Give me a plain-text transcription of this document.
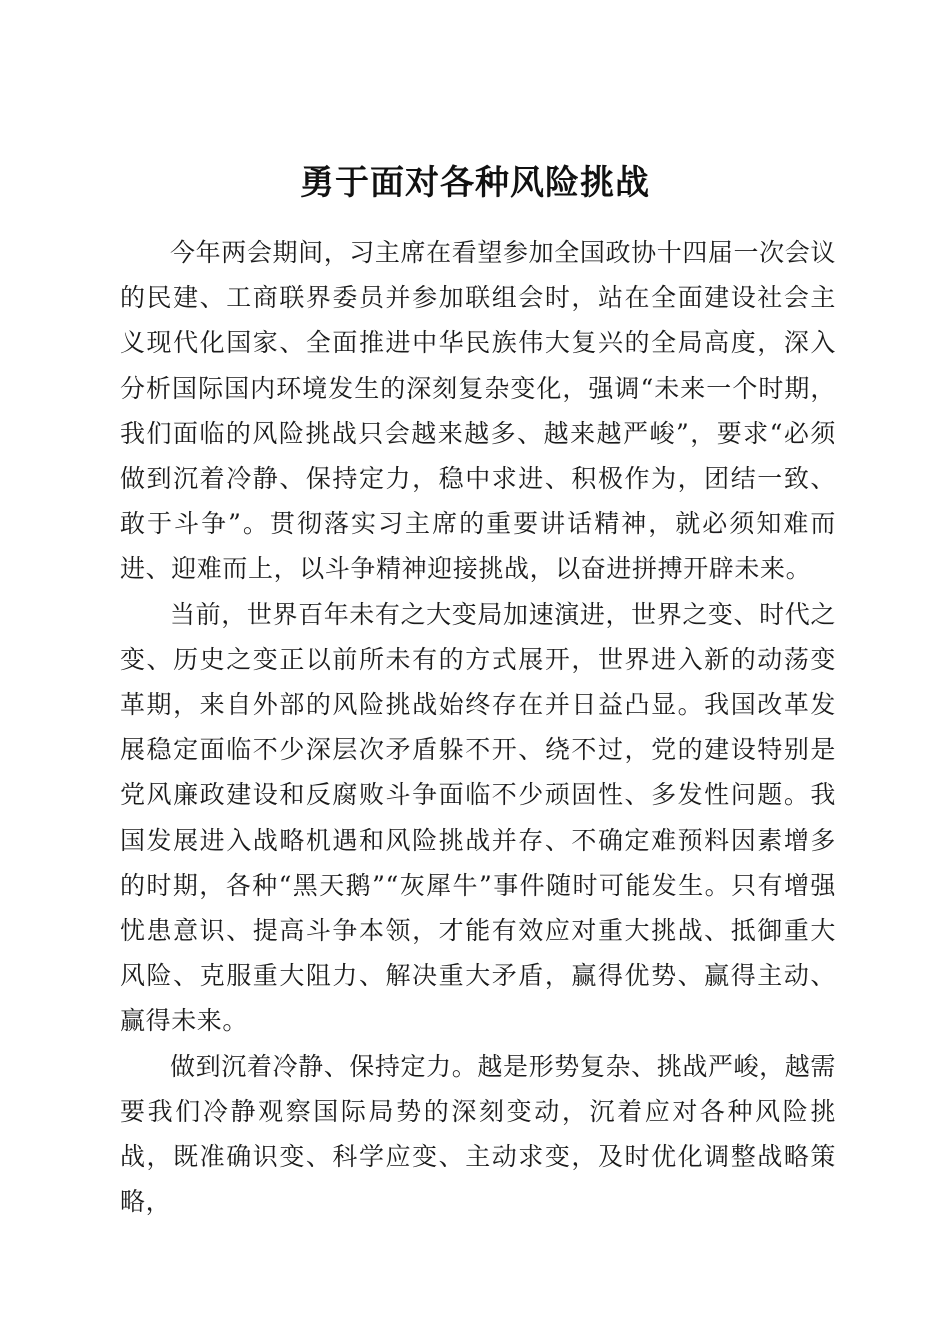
勇于面对各种风险挑战

今年两会期间，习主席在看望参加全国政协十四届一次会议的民建、工商联界委员并参加联组会时，站在全面建设社会主义现代化国家、全面推进中华民族伟大复兴的全局高度，深入分析国际国内环境发生的深刻复杂变化，强调“未来一个时期，我们面临的风险挑战只会越来越多、越来越严峻”，要求“必须做到沉着冷静、保持定力，稳中求进、积极作为，团结一致、敢于斗争”。贯彻落实习主席的重要讲话精神，就必须知难而进、迎难而上，以斗争精神迎接挑战，以奋进拼搏开辟未来。

当前，世界百年未有之大变局加速演进，世界之变、时代之变、历史之变正以前所未有的方式展开，世界进入新的动荡变革期，来自外部的风险挑战始终存在并日益凸显。我国改革发展稳定面临不少深层次矛盾躲不开、绕不过，党的建设特别是党风廉政建设和反腐败斗争面临不少顽固性、多发性问题。我国发展进入战略机遇和风险挑战并存、不确定难预料因素增多的时期，各种“黑天鹅”“灰犀牛”事件随时可能发生。只有增强忧患意识、提高斗争本领，才能有效应对重大挑战、抵御重大风险、克服重大阻力、解决重大矛盾，赢得优势、赢得主动、赢得未来。

做到沉着冷静、保持定力。越是形势复杂、挑战严峻，越需要我们冷静观察国际局势的深刻变动，沉着应对各种风险挑战，既准确识变、科学应变、主动求变，及时优化调整战略策略，
